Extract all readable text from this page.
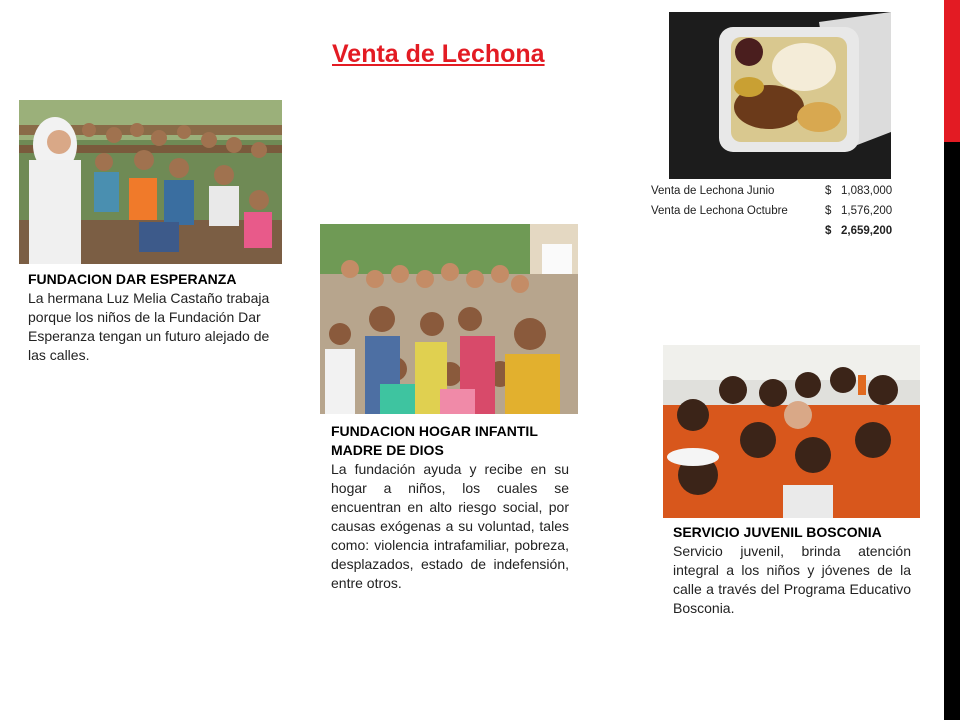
Venta de Lechona
Venta de Lechona Junio	$	1,083,000
Venta de Lechona Octubre	$	1,576,200
	$	2,659,200
FUNDACION DAR ESPERANZA
La hermana Luz Melia Castaño trabaja porque los niños de la Fundación Dar Esperanza tengan un futuro alejado de las calles.
FUNDACION HOGAR INFANTIL MADRE DE DIOS
La fundación ayuda y recibe en su hogar a niños, los cuales se encuentran en alto riesgo social, por causas exógenas a su voluntad, tales como: violencia intrafamiliar, pobreza, desplazados, estado de indefensión, entre otros.
SERVICIO JUVENIL BOSCONIA
Servicio juvenil, brinda atención integral a los niños y jóvenes de la calle a través del Programa Educativo Bosconia.
